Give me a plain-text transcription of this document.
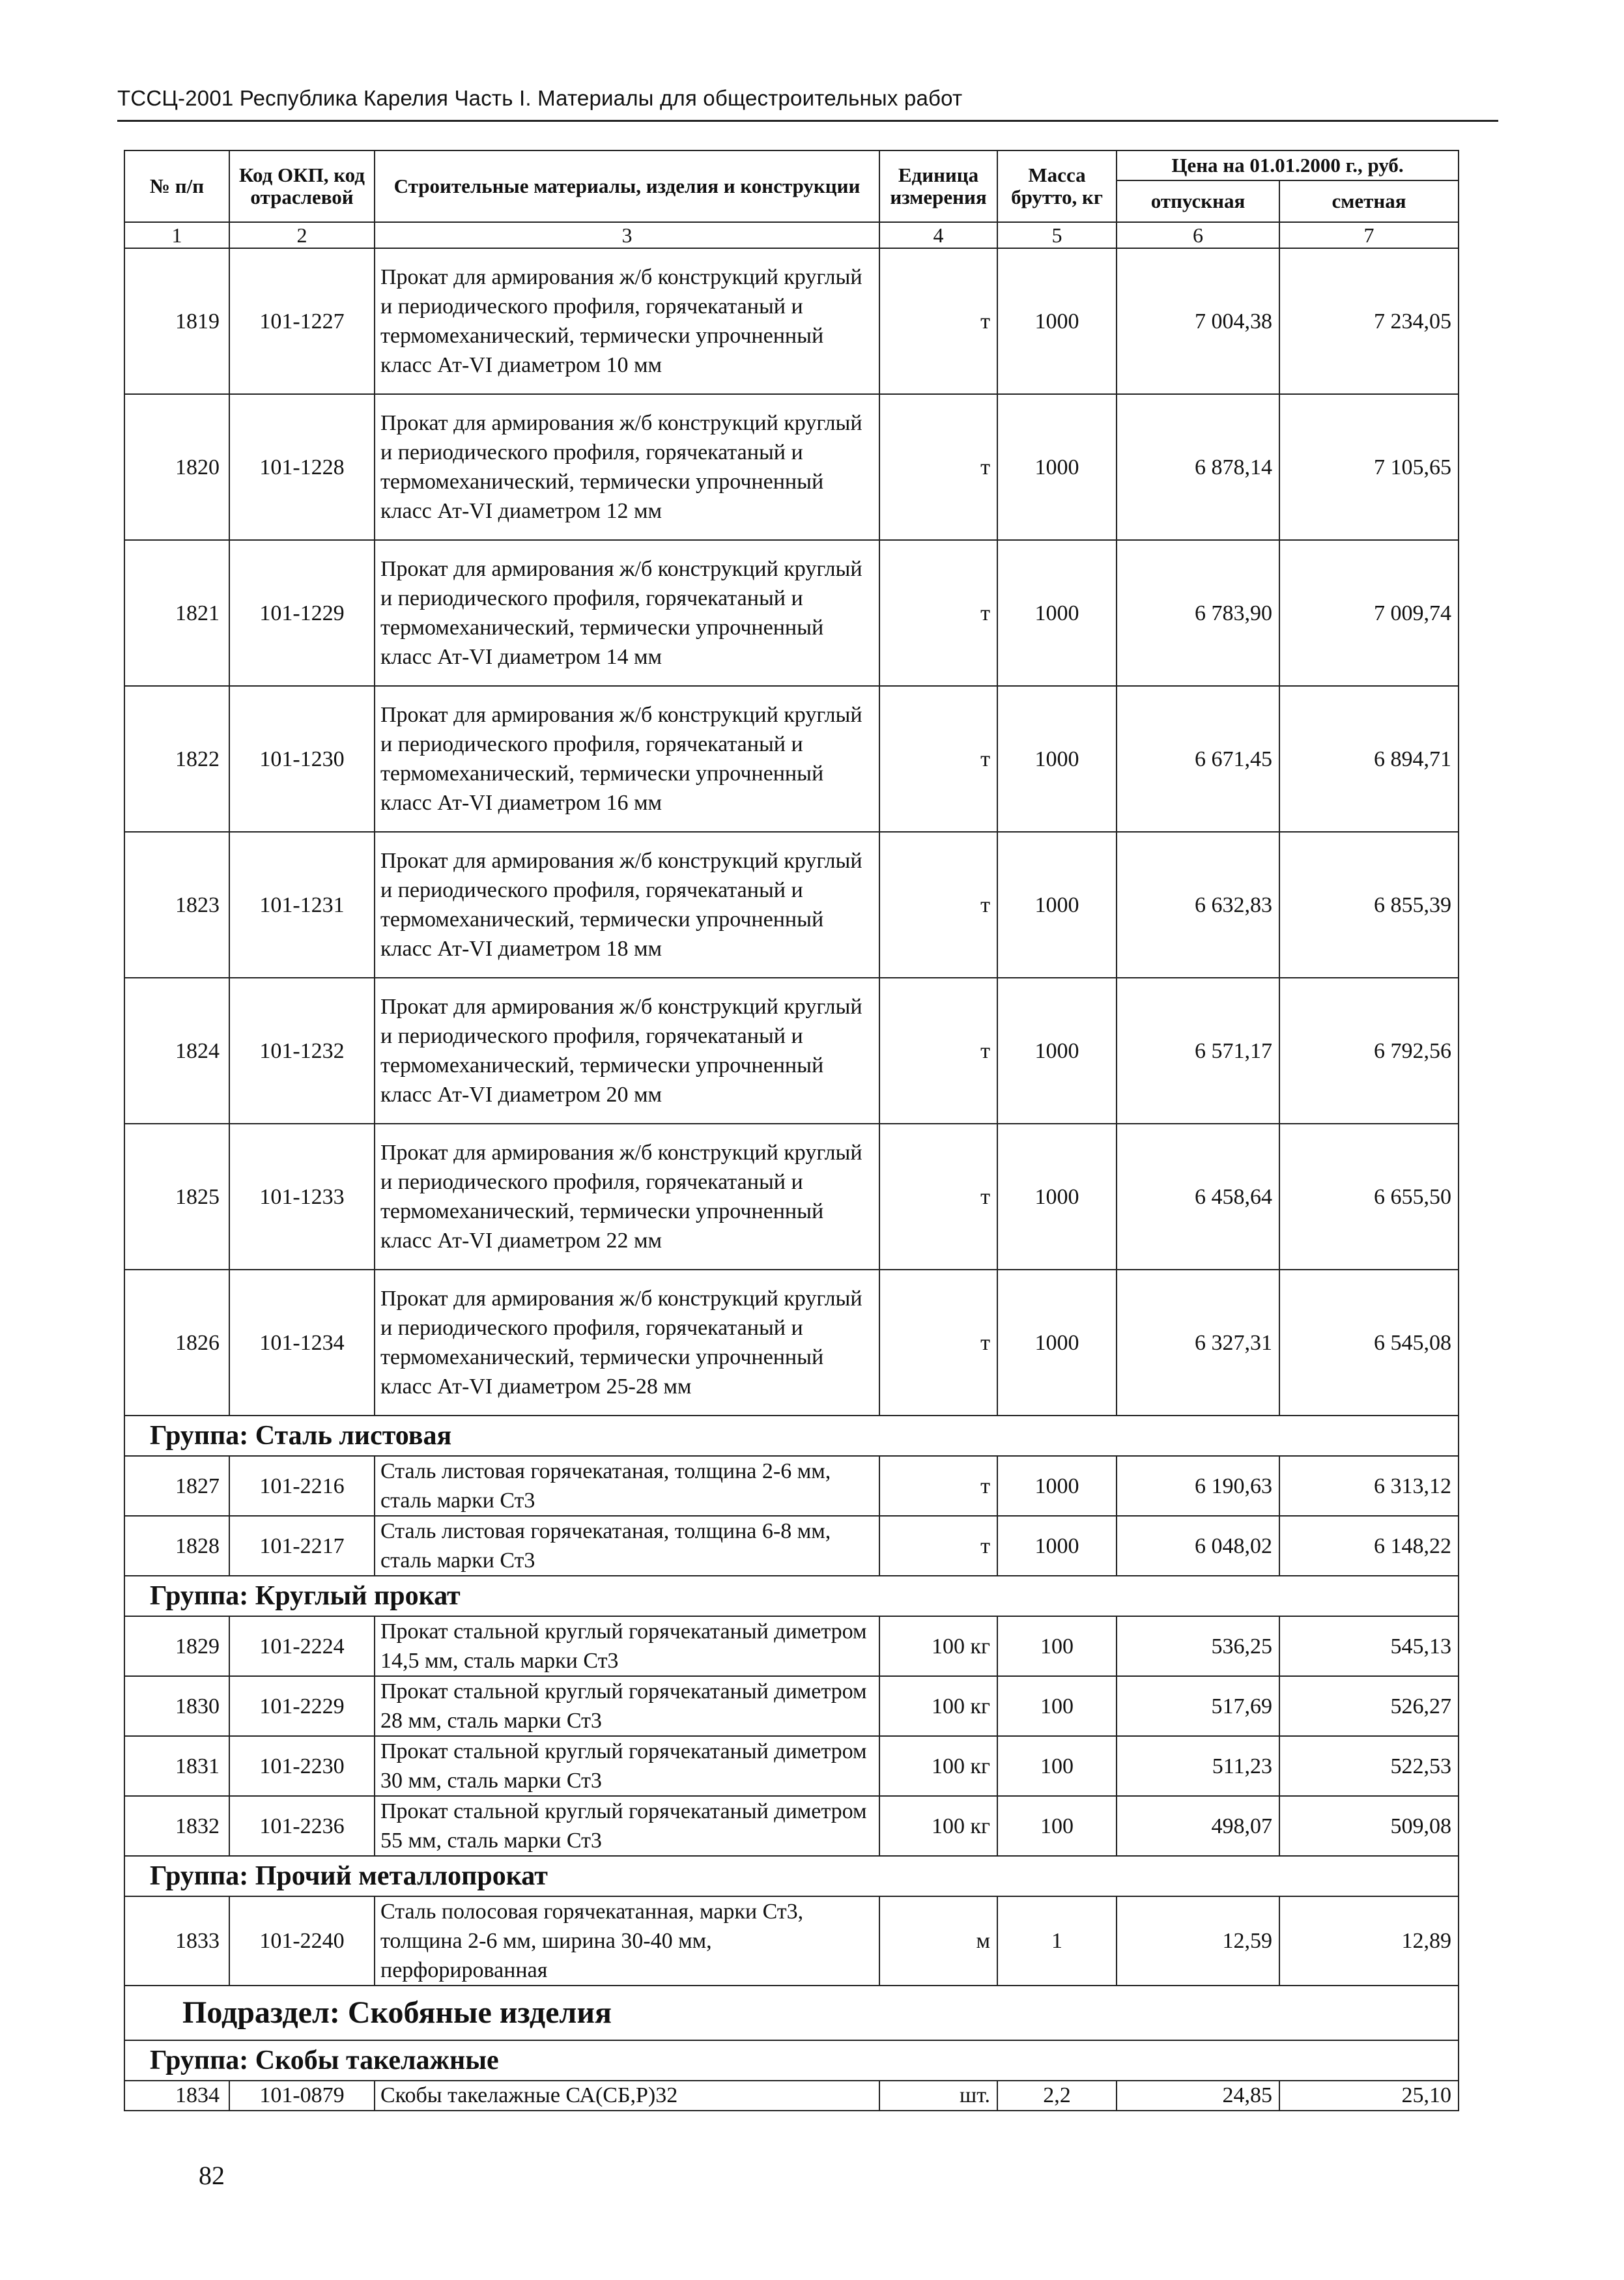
ТССЦ-2001 Республика Карелия Часть I. Материалы для общестроительных работ
№ п/п	Код ОКП, код отраслевой	Строительные материалы, изделия и конструкции	Единица измерения	Масса брутто, кг	Цена на 01.01.2000 г., руб.	
					отпускная	сметная
1	2	3	4	5	6	7
1819	101-1227	Прокат для армирования ж/б конструкций круглый и периодического профиля, горячекатаный и термомеханический, термически упрочненный класс Ат-VI диаметром 10 мм	т	1000	7 004,38	7 234,05
1820	101-1228	Прокат для армирования ж/б конструкций круглый и периодического профиля, горячекатаный и термомеханический, термически упрочненный класс Ат-VI диаметром 12 мм	т	1000	6 878,14	7 105,65
1821	101-1229	Прокат для армирования ж/б конструкций круглый и периодического профиля, горячекатаный и термомеханический, термически упрочненный класс Ат-VI диаметром 14 мм	т	1000	6 783,90	7 009,74
1822	101-1230	Прокат для армирования ж/б конструкций круглый и периодического профиля, горячекатаный и термомеханический, термически упрочненный класс Ат-VI диаметром 16 мм	т	1000	6 671,45	6 894,71
1823	101-1231	Прокат для армирования ж/б конструкций круглый и периодического профиля, горячекатаный и термомеханический, термически упрочненный класс Ат-VI диаметром 18 мм	т	1000	6 632,83	6 855,39
1824	101-1232	Прокат для армирования ж/б конструкций круглый и периодического профиля, горячекатаный и термомеханический, термически упрочненный класс Ат-VI диаметром 20 мм	т	1000	6 571,17	6 792,56
1825	101-1233	Прокат для армирования ж/б конструкций круглый и периодического профиля, горячекатаный и термомеханический, термически упрочненный класс Ат-VI диаметром 22 мм	т	1000	6 458,64	6 655,50
1826	101-1234	Прокат для армирования ж/б конструкций круглый и периодического профиля, горячекатаный и термомеханический, термически упрочненный класс Ат-VI диаметром 25-28 мм	т	1000	6 327,31	6 545,08
Группа: Сталь листовая						
1827	101-2216	Сталь листовая горячекатаная, толщина 2-6 мм, сталь марки Ст3	т	1000	6 190,63	6 313,12
1828	101-2217	Сталь листовая горячекатаная, толщина 6-8 мм, сталь марки Ст3	т	1000	6 048,02	6 148,22
Группа: Круглый прокат						
1829	101-2224	Прокат стальной круглый горячекатаный диметром 14,5 мм, сталь марки Ст3	100 кг	100	536,25	545,13
1830	101-2229	Прокат стальной круглый горячекатаный диметром 28 мм, сталь марки Ст3	100 кг	100	517,69	526,27
1831	101-2230	Прокат стальной круглый горячекатаный диметром 30 мм, сталь марки Ст3	100 кг	100	511,23	522,53
1832	101-2236	Прокат стальной круглый горячекатаный диметром 55 мм, сталь марки Ст3	100 кг	100	498,07	509,08
Группа: Прочий металлопрокат						
1833	101-2240	Сталь полосовая горячекатанная, марки Ст3, толщина 2-6 мм, ширина 30-40 мм, перфорированная	м	1	12,59	12,89
Подраздел: Скобяные изделия						
Группа: Скобы такелажные						
1834	101-0879	Скобы такелажные СА(СБ,Р)32	шт.	2,2	24,85	25,10
82
